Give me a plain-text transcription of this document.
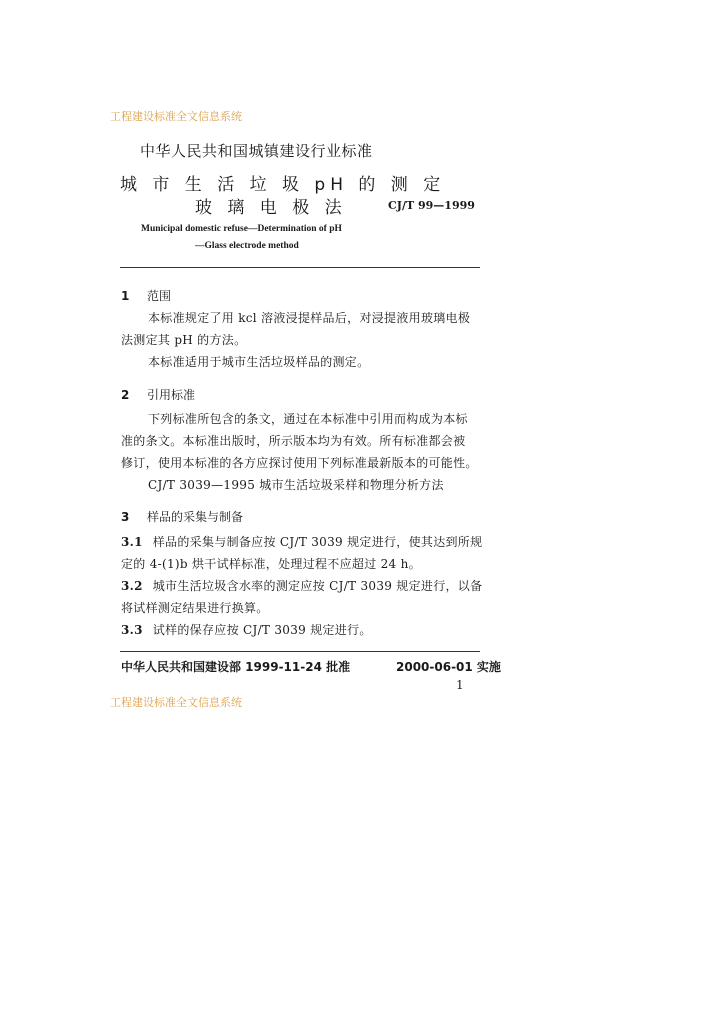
工程建设标准全文信息系统
中华人民共和国城镇建设行业标准
城 市 生 活 垃 圾 pH 的 测 定
玻 璃 电 极 法	CJ/T 99—1999
Municipal domestic refuse—Determination of pH
—Glass electrode method
1 范围
本标准规定了用 kcl 溶液浸提样品后，对浸提液用玻璃电极
法测定其 pH 的方法。
本标准适用于城市生活垃圾样品的测定。
2 引用标准
下列标准所包含的条文，通过在本标准中引用而构成为本标
准的条文。本标准出版时，所示版本均为有效。所有标准都会被
修订，使用本标准的各方应探讨使用下列标准最新版本的可能性。
CJ/T 3039—1995 城市生活垃圾采样和物理分析方法
3 样品的采集与制备
3.1 样品的采集与制备应按 CJ/T 3039 规定进行，使其达到所规
定的 4-(1)b 烘干试样标准，处理过程不应超过 24 h。
3.2 城市生活垃圾含水率的测定应按 CJ/T 3039 规定进行，以备
将试样测定结果进行换算。
3.3 试样的保存应按 CJ/T 3039 规定进行。
中华人民共和国建设部 1999-11-24 批准	2000-06-01 实施
1
工程建设标准全文信息系统
